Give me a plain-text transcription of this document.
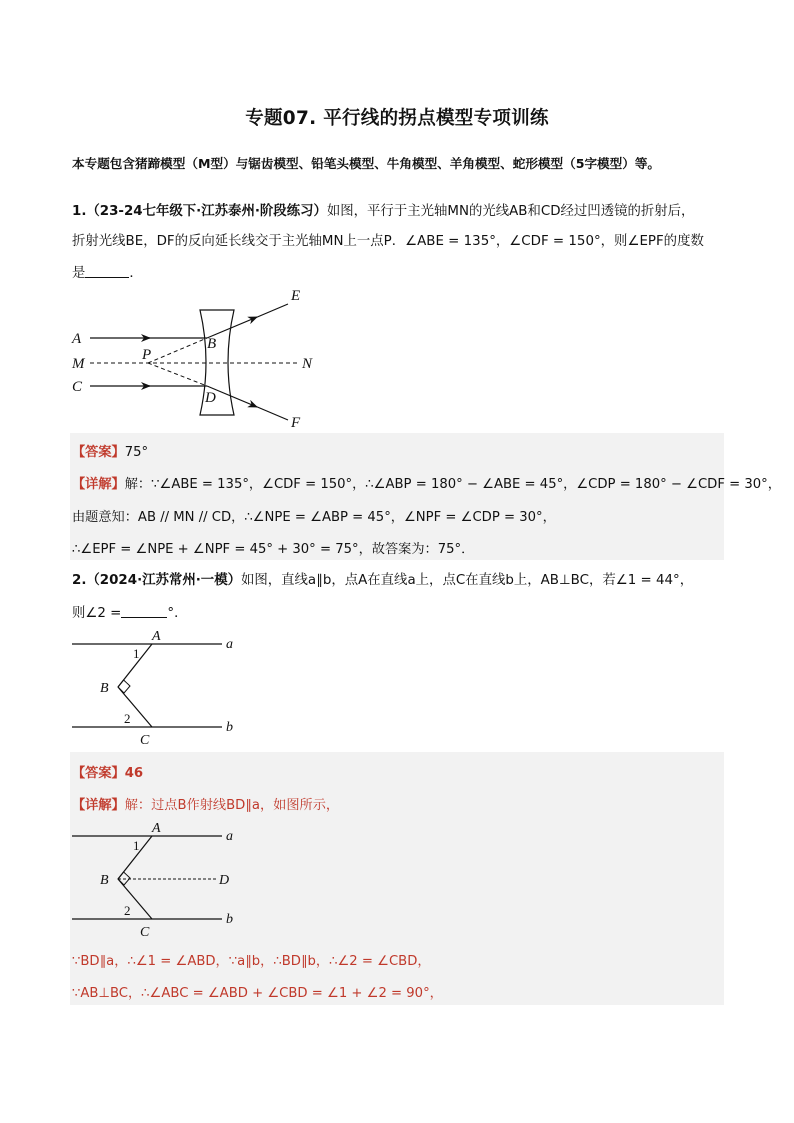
专题07. 平行线的拐点模型专项训练
本专题包含猪蹄模型（M型）与锯齿模型、铅笔头模型、牛角模型、羊角模型、蛇形模型（5字模型）等。
1.（23-24七年级下·江苏泰州·阶段练习）如图，平行于主光轴MN的光线AB和CD经过凹透镜的折射后，
折射光线BE，DF的反向延长线交于主光轴MN上一点P．∠ABE = 135°，∠CDF = 150°，则∠EPF的度数
是	．
E
A	B
P
M	N
C
D
F
【答案】75°
【详解】解：∵∠ABE = 135°，∠CDF = 150°，∴∠ABP = 180° − ∠ABE = 45°，∠CDP = 180° − ∠CDF = 30°，
由题意知：AB // MN // CD，∴∠NPE = ∠ABP = 45°，∠NPF = ∠CDP = 30°，
∴∠EPF = ∠NPE + ∠NPF = 45° + 30° = 75°，故答案为：75°．
2.（2024·江苏常州·一模）如图，直线a∥b，点A在直线a上，点C在直线b上，AB⊥BC，若∠1 = 44°，
则∠2 =	°．
A
a
1
B
2
b
C
【答案】46
【详解】解：过点B作射线BD∥a，如图所示，
A
a
1
B	D
2
b
C
∵BD∥a，∴∠1 = ∠ABD，∵a∥b，∴BD∥b，∴∠2 = ∠CBD，
∵AB⊥BC，∴∠ABC = ∠ABD + ∠CBD = ∠1 + ∠2 = 90°，
